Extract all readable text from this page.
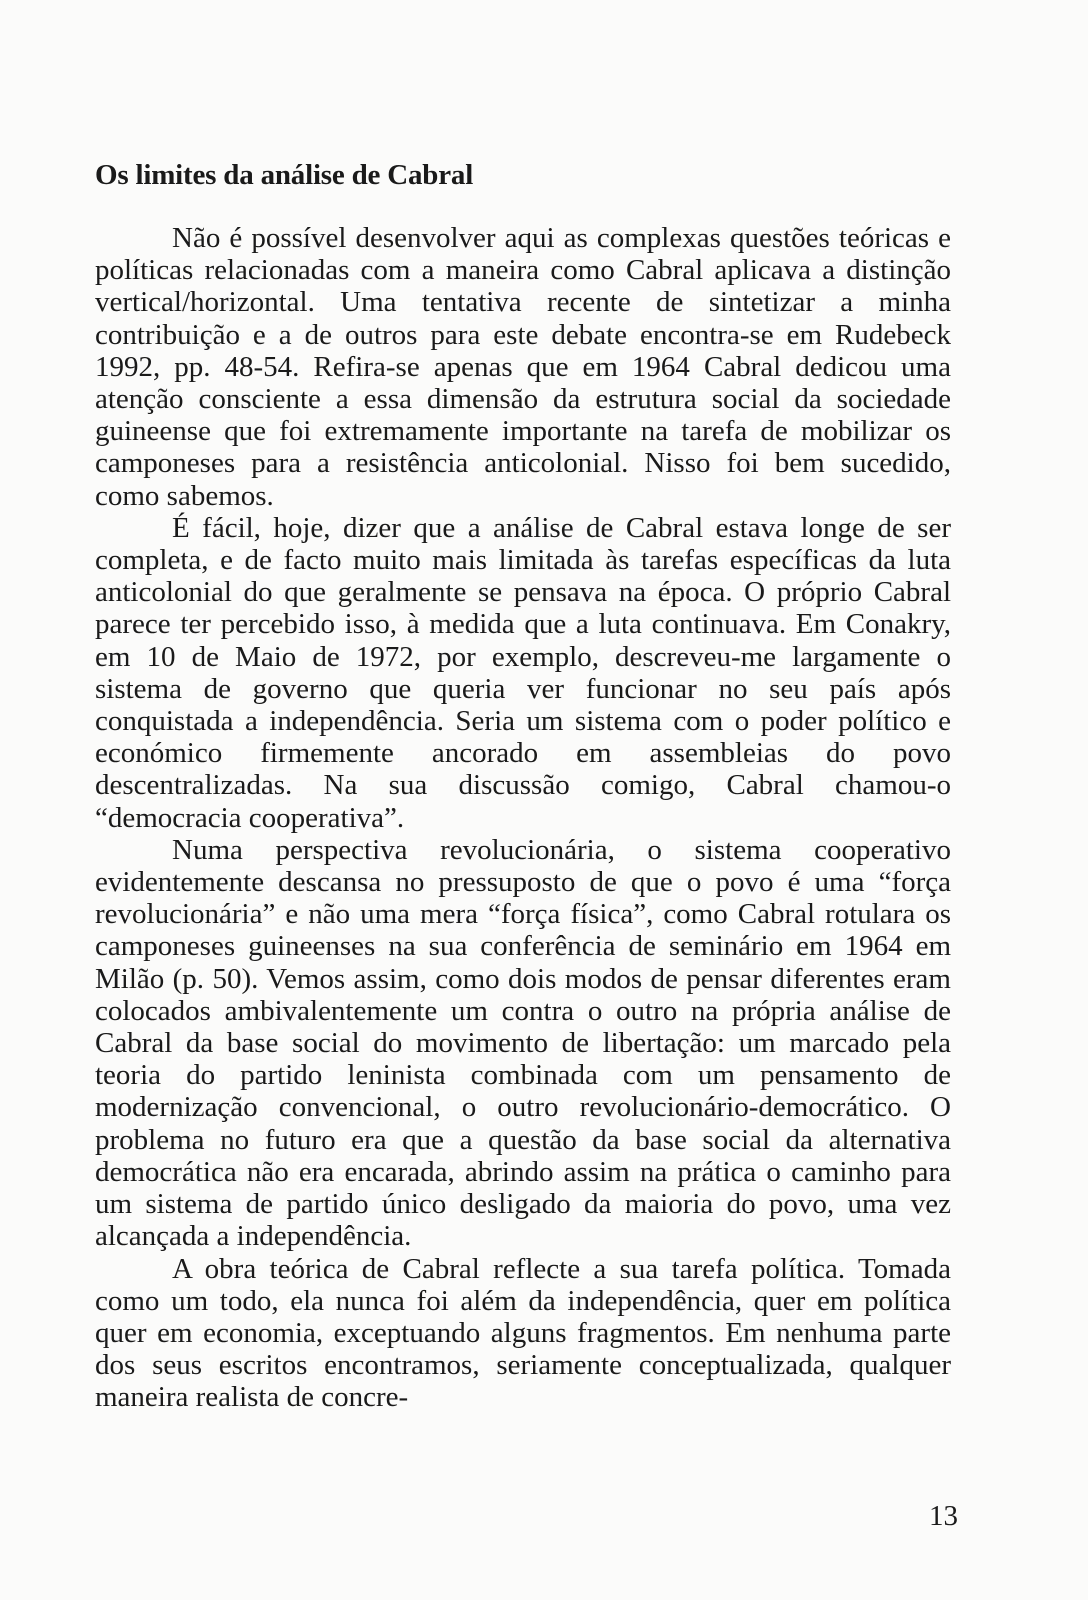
Os limites da análise de Cabral

Não é possível desenvolver aqui as complexas questões teóricas e políticas relacionadas com a maneira como Cabral aplicava a distinção vertical/horizontal. Uma tentativa recente de sintetizar a minha contribuição e a de outros para este debate encontra-se em Rudebeck 1992, pp. 48-54. Refira-se apenas que em 1964 Cabral dedicou uma atenção consciente a essa dimensão da estrutura social da sociedade guineense que foi extremamente importante na tarefa de mobilizar os camponeses para a resistência anticolonial. Nisso foi bem sucedido, como sabemos.

É fácil, hoje, dizer que a análise de Cabral estava longe de ser completa, e de facto muito mais limitada às tarefas específicas da luta anticolonial do que geralmente se pensava na época. O próprio Cabral parece ter percebido isso, à medida que a luta continuava. Em Conakry, em 10 de Maio de 1972, por exemplo, descreveu-me largamente o sistema de governo que queria ver funcionar no seu país após conquistada a independência. Seria um sistema com o poder político e económico firmemente ancorado em assembleias do povo descentralizadas. Na sua discussão comigo, Cabral chamou-o “democracia cooperativa”.

Numa perspectiva revolucionária, o sistema cooperativo evidentemente descansa no pressuposto de que o povo é uma “força revolucionária” e não uma mera “força física”, como Cabral rotulara os camponeses guineenses na sua conferência de seminário em 1964 em Milão (p. 50). Vemos assim, como dois modos de pensar diferentes eram colocados ambivalentemente um contra o outro na própria análise de Cabral da base social do movimento de libertação: um marcado pela teoria do partido leninista combinada com um pensamento de modernização convencional, o outro revolucionário-democrático. O problema no futuro era que a questão da base social da alternativa democrática não era encarada, abrindo assim na prática o caminho para um sistema de partido único desligado da maioria do povo, uma vez alcançada a independência.

A obra teórica de Cabral reflecte a sua tarefa política. Tomada como um todo, ela nunca foi além da independência, quer em política quer em economia, exceptuando alguns fragmentos. Em nenhuma parte dos seus escritos encontramos, seriamente conceptualizada, qualquer maneira realista de concre-

13
